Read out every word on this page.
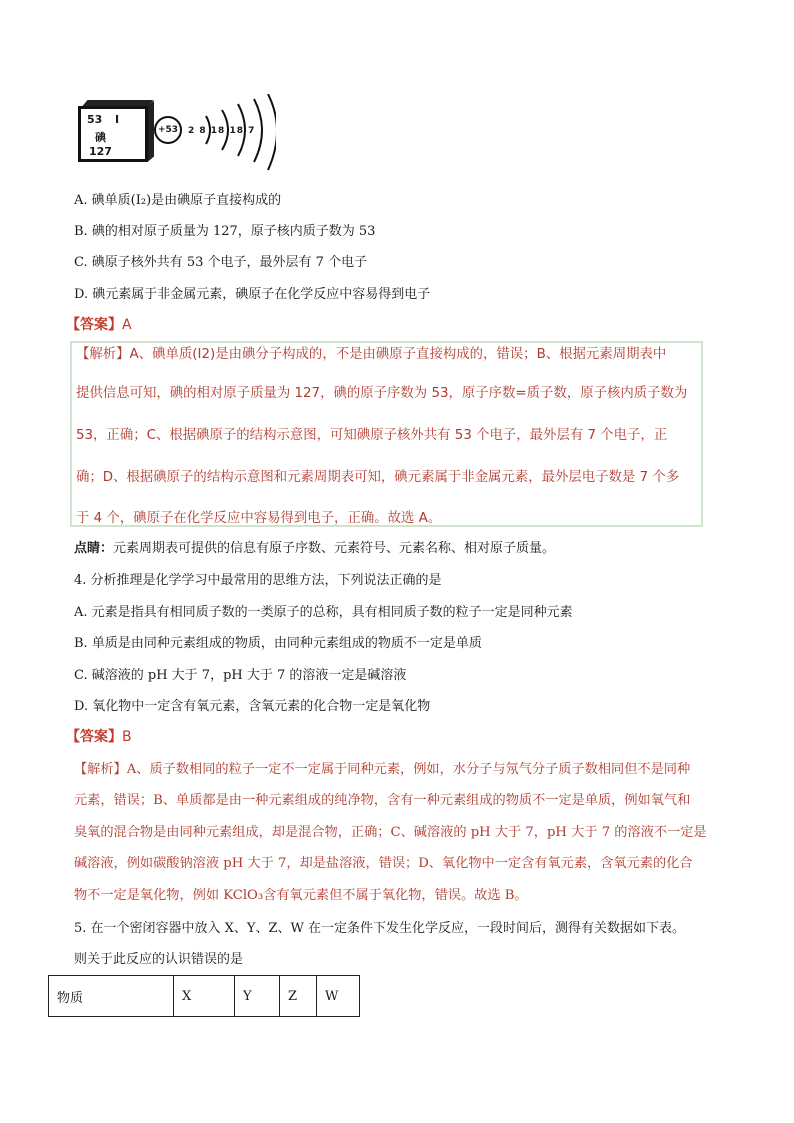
53 I
碘
127
+53	2 8 18 18 7
A. 碘单质(I₂)是由碘原子直接构成的
B. 碘的相对原子质量为 127，原子核内质子数为 53
C. 碘原子核外共有 53 个电子，最外层有 7 个电子
D. 碘元素属于非金属元素，碘原子在化学反应中容易得到电子
【答案】A
【解析】A、碘单质(I2)是由碘分子构成的，不是由碘原子直接构成的，错误；B、根据元素周期表中
提供信息可知，碘的相对原子质量为 127，碘的原子序数为 53，原子序数=质子数，原子核内质子数为
53，正确；C、根据碘原子的结构示意图，可知碘原子核外共有 53 个电子，最外层有 7 个电子，正
确；D、根据碘原子的结构示意图和元素周期表可知，碘元素属于非金属元素，最外层电子数是 7 个多
于 4 个，碘原子在化学反应中容易得到电子，正确。故选 A。
点睛：元素周期表可提供的信息有原子序数、元素符号、元素名称、相对原子质量。
4. 分析推理是化学学习中最常用的思维方法，下列说法正确的是
A. 元素是指具有相同质子数的一类原子的总称，具有相同质子数的粒子一定是同种元素
B. 单质是由同种元素组成的物质，由同种元素组成的物质不一定是单质
C. 碱溶液的 pH 大于 7，pH 大于 7 的溶液一定是碱溶液
D. 氧化物中一定含有氧元素，含氧元素的化合物一定是氧化物
【答案】B
【解析】A、质子数相同的粒子一定不一定属于同种元素，例如，水分子与氖气分子质子数相同但不是同种
元素，错误；B、单质都是由一种元素组成的纯净物，含有一种元素组成的物质不一定是单质，例如氧气和
臭氧的混合物是由同种元素组成，却是混合物，正确；C、碱溶液的 pH 大于 7，pH 大于 7 的溶液不一定是
碱溶液，例如碳酸钠溶液 pH 大于 7，却是盐溶液，错误；D、氧化物中一定含有氧元素，含氧元素的化合
物不一定是氧化物，例如 KClO₃含有氧元素但不属于氧化物，错误。故选 B。
5. 在一个密闭容器中放入 X、Y、Z、W 在一定条件下发生化学反应，一段时间后，测得有关数据如下表。
则关于此反应的认识错误的是
物质	X	Y	Z	W
